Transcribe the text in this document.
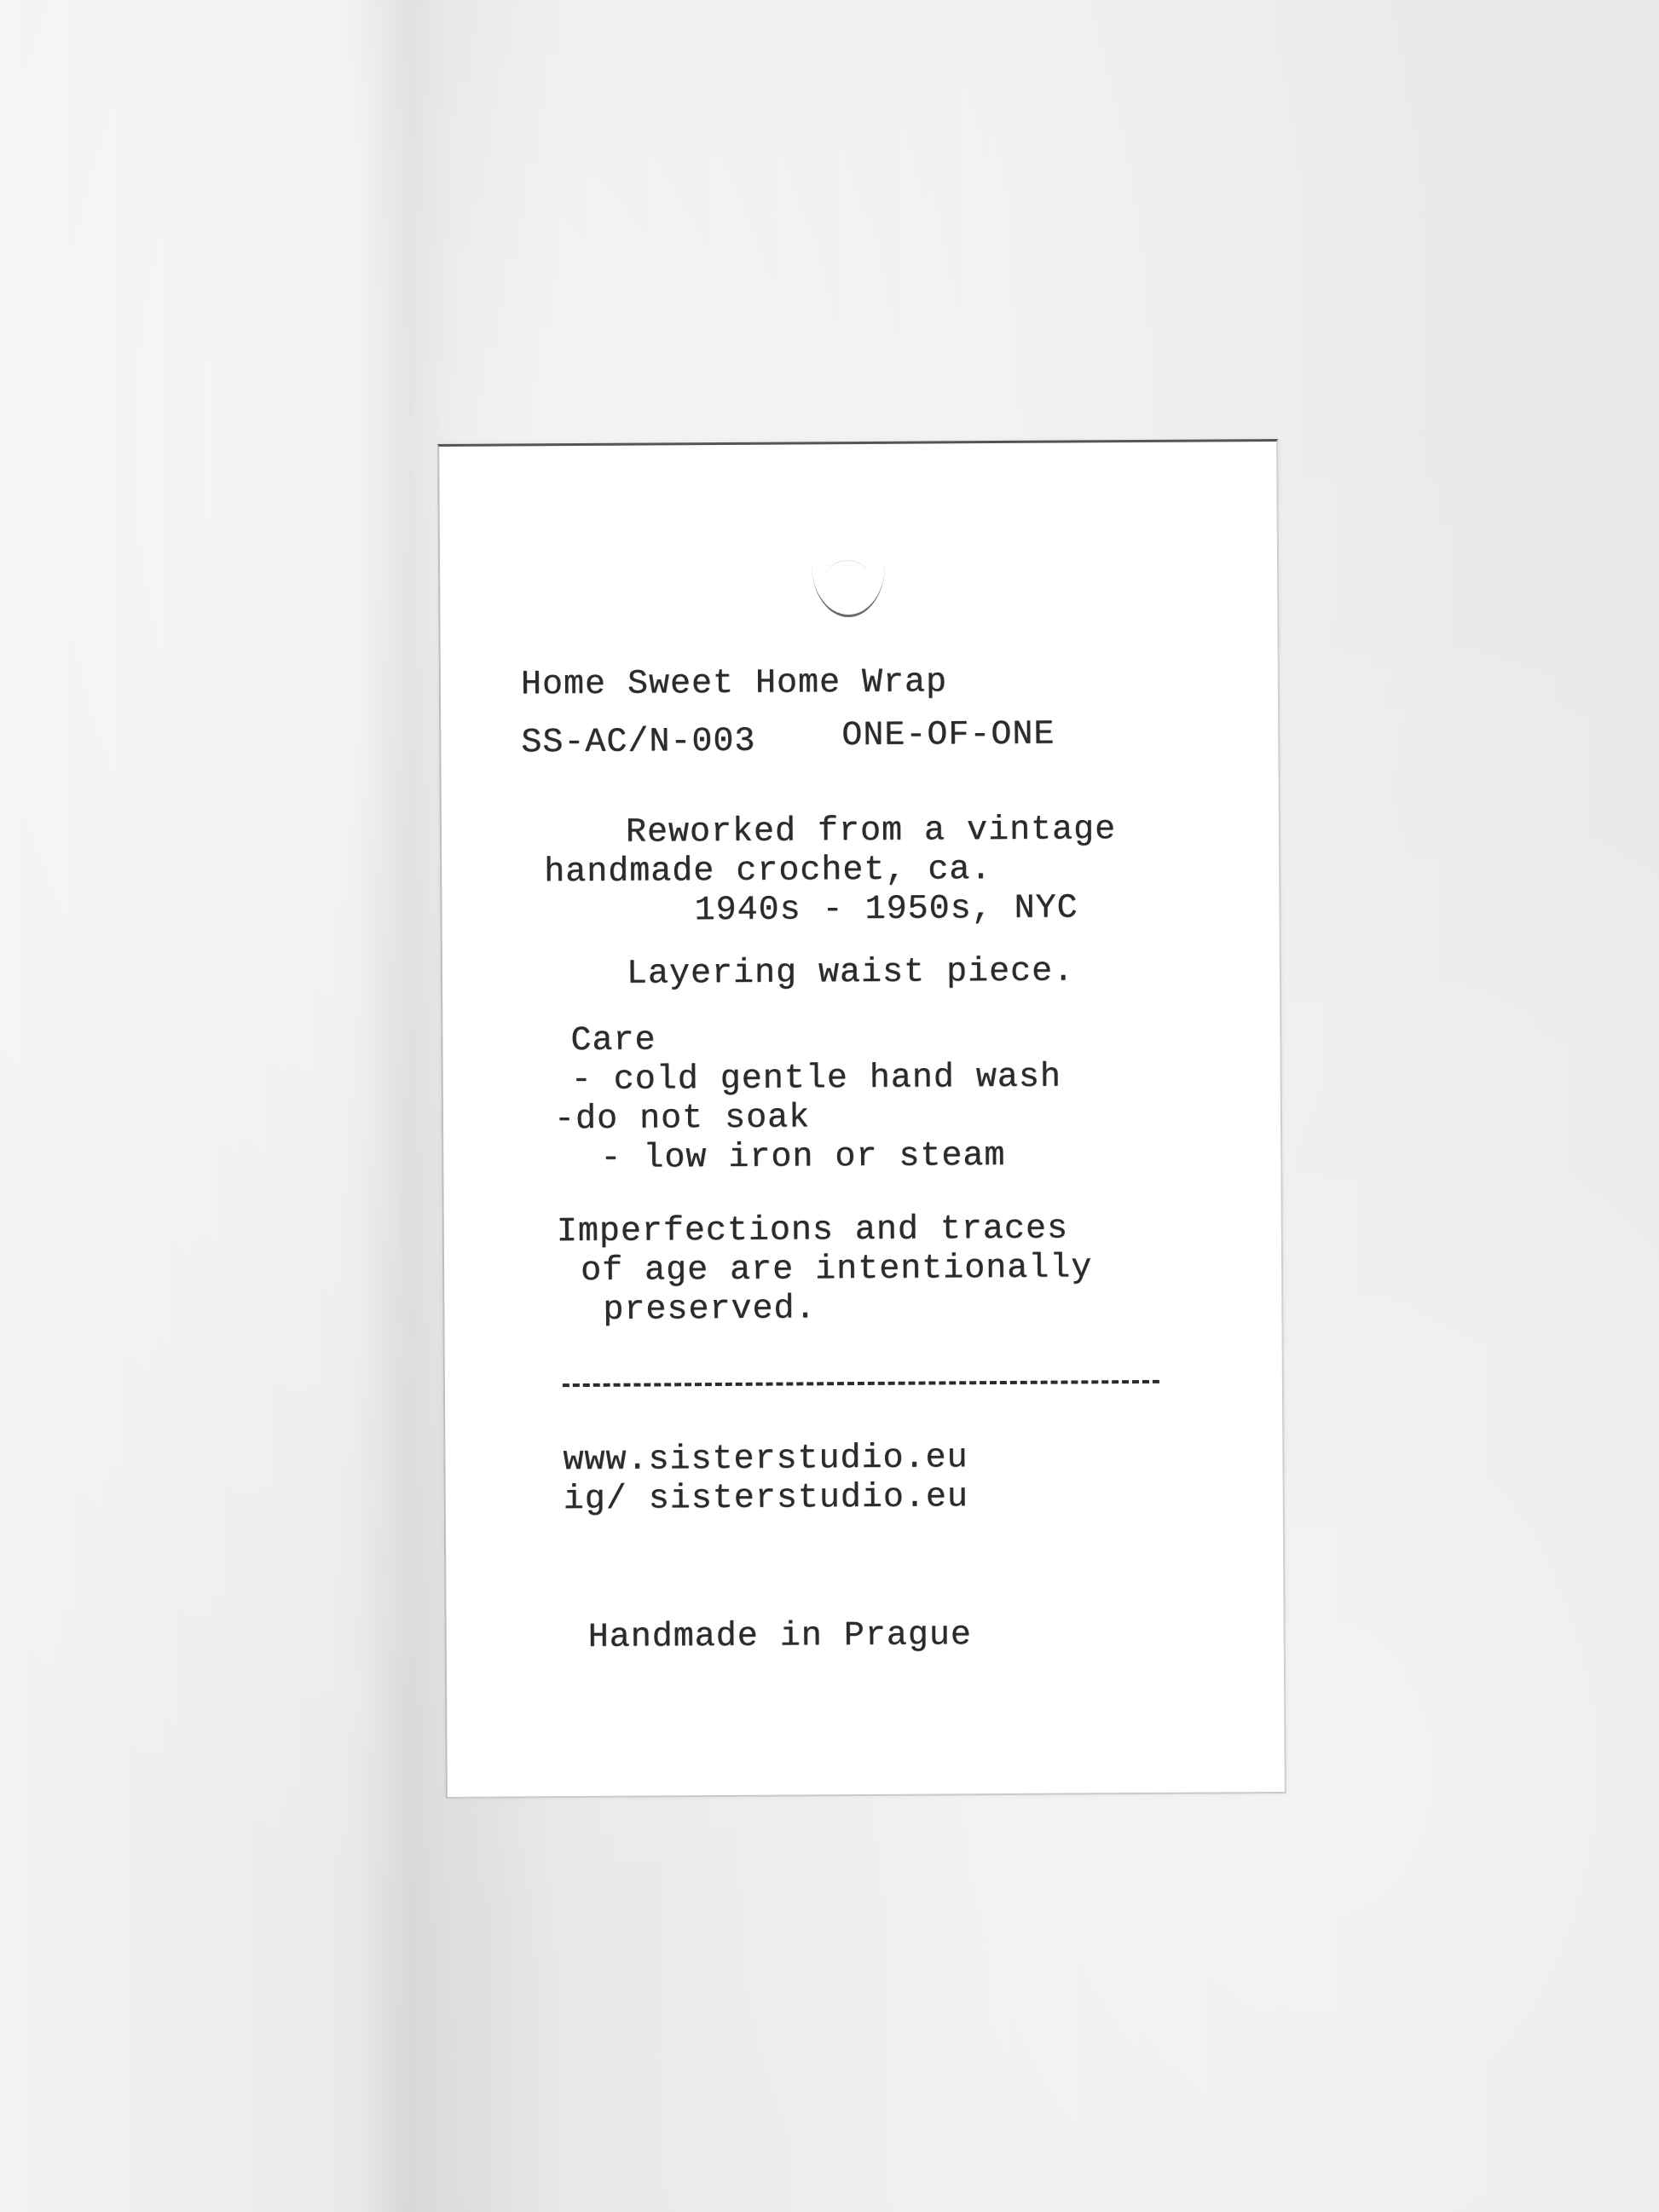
Home Sweet Home Wrap
SS-AC/N-003	ONE-OF-ONE
Reworked from a vintage
handmade crochet, ca.
1940s - 1950s, NYC
Layering waist piece.
Care
- cold gentle hand wash
-do not soak
- low iron or steam
Imperfections and traces
of age are intentionally
preserved.
www.sisterstudio.eu
ig/ sisterstudio.eu
Handmade in Prague
